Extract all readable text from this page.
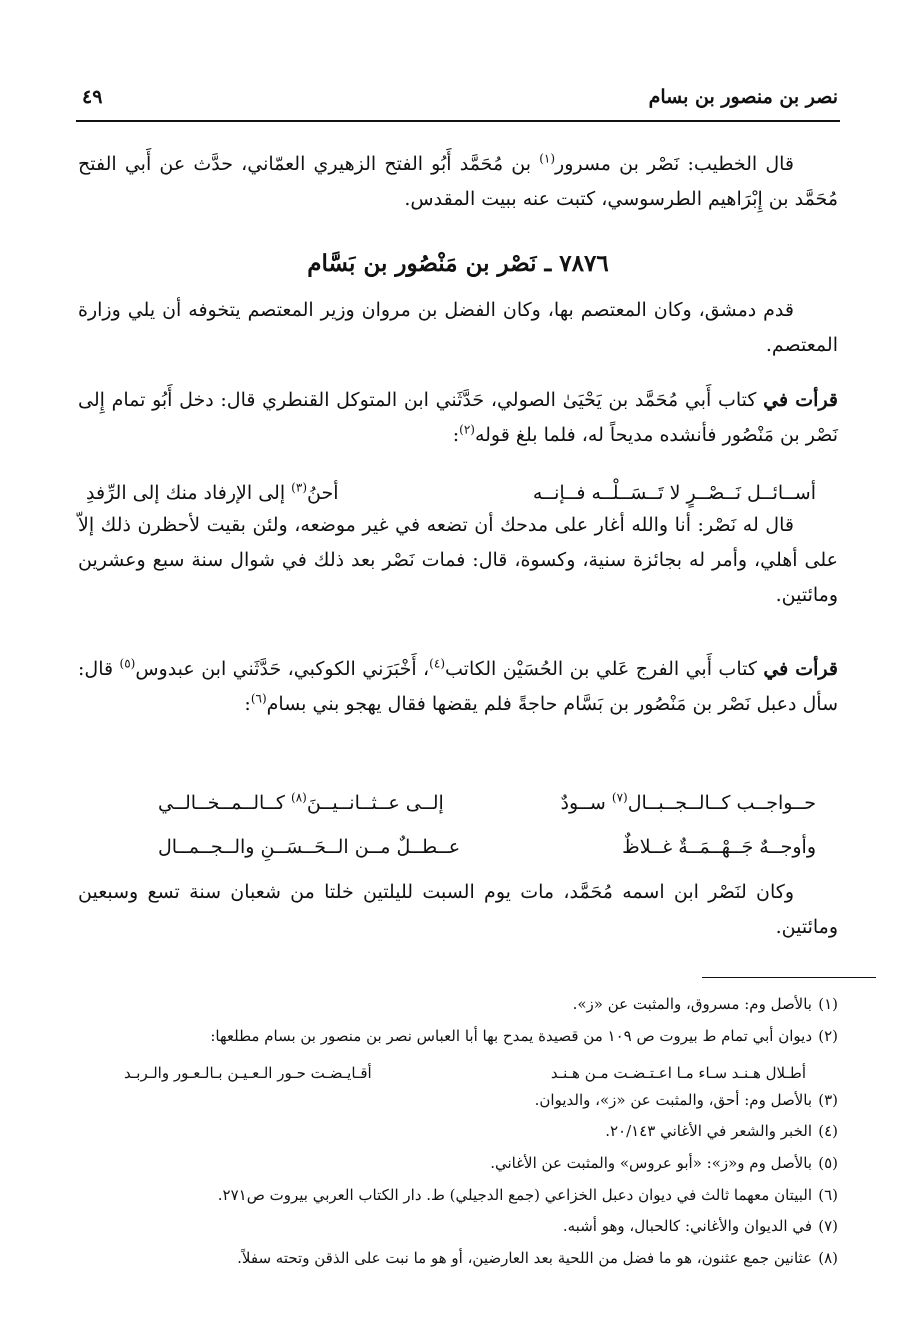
نصر بن منصور بن بسام
٤٩
قال الخطيب: نَصْر بن مسرور$^{(١)}$ بن مُحَمَّد أَبُو الفتح الزهيري العمّاني، حدَّث عن أَبي الفتح مُحَمَّد بن إِبْرَاهيم الطرسوسي، كتبت عنه ببيت المقدس.
٧٨٧٦ ـ نَصْر بن مَنْصُور بن بَسَّام
قدم دمشق، وكان المعتصم بها، وكان الفضل بن مروان وزير المعتصم يتخوفه أن يلي وزارة المعتصم.
قرأت في كتاب أَبي مُحَمَّد بن يَحْيَىٰ الصولي، حَدَّثَني ابن المتوكل القنطري قال: دخل أَبُو تمام إِلى نَصْر بن مَنْصُور فأنشده مديحاً له، فلما بلغ قوله$^{(٢)}$:
أســائــل نَــصْــرٍ لا تَــسَــلْــه فــإنــه
أحنُ$^{(٣)}$ إلى الإرفاد منك إلى الرِّفدِ
قال له نَصْر: أنا والله أغار على مدحك أن تضعه في غير موضعه، ولئن بقيت لأحظرن ذلك إلاّ على أهلي، وأمر له بجائزة سنية، وكسوة، قال: فمات نَصْر بعد ذلك في شوال سنة سبع وعشرين ومائتين.
قرأت في كتاب أَبي الفرج عَلي بن الحُسَيْن الكاتب$^{(٤)}$، أَخْبَرَني الكوكبي، حَدَّثَني ابن عبدوس$^{(٥)}$ قال: سأل دعبل نَصْر بن مَنْصُور بن بَسَّام حاجةً فلم يقضها فقال يهجو بني بسام$^{(٦)}$:
حــواجــب كــالــجــبــال$^{(٧)}$ ســودٌ
إلــى عــثــانــيــنَ$^{(٨)}$ كــالــمــخــالــي
وأوجــهٌ جَــهْــمَــةٌ غــلاظٌ
عــطــلٌ مــن الــحَــسَــنِ والــجــمــال
وكان لنَصْر ابن اسمه مُحَمَّد، مات يوم السبت لليلتين خلتا من شعبان سنة تسع وسبعين ومائتين.
(١)بالأصل وم: مسروق، والمثبت عن «ز».
(٢)ديوان أبي تمام ط بيروت ص ١٠٩ من قصيدة يمدح بها أبا العباس نصر بن منصور بن بسام مطلعها:
أطـلال هـنـد سـاء مـا اعـتـضـت مـن هـنـد
أقـايـضـت حـور الـعـيـن بـالـعـور والـربـد
(٣)بالأصل وم: أحق، والمثبت عن «ز»، والديوان.
(٤)الخبر والشعر في الأغاني ٢٠/١٤٣.
(٥)بالأصل وم و«ز»: «أبو عروس» والمثبت عن الأغاني.
(٦)البيتان معهما ثالث في ديوان دعبل الخزاعي (جمع الدجيلي) ط. دار الكتاب العربي بيروت ص٢٧١.
(٧)في الديوان والأغاني: كالحبال، وهو أشبه.
(٨)عثانين جمع عثنون، هو ما فضل من اللحية بعد العارضين، أو هو ما نبت على الذقن وتحته سفلاً.
